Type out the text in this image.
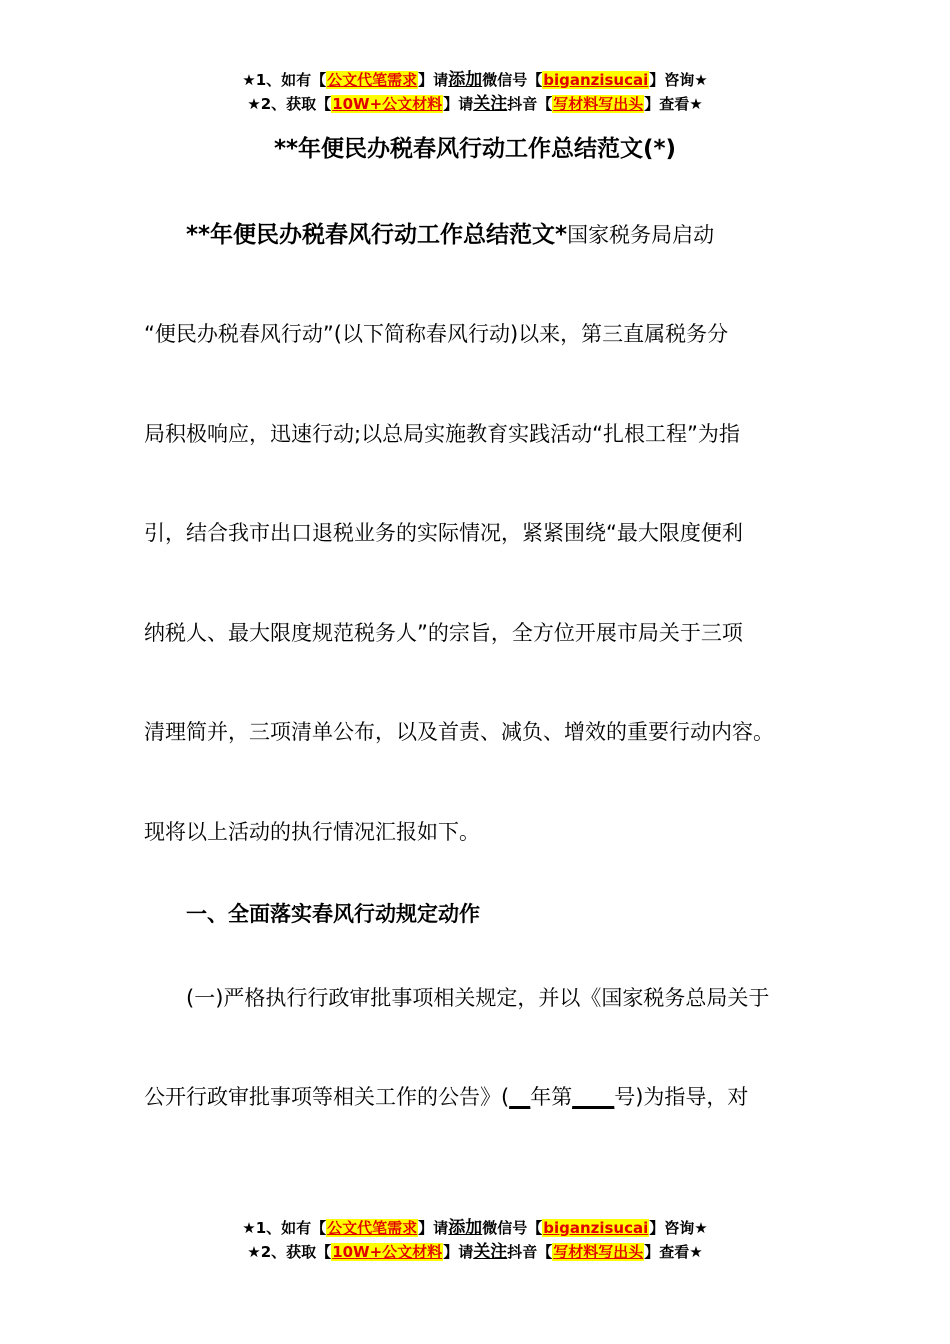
★1、如有【公文代笔需求】请添加微信号【biganzisucai】咨询★
★2、获取【10W+公文材料】请关注抖音【写材料写出头】查看★
**年便民办税春风行动工作总结范文(*)
**年便民办税春风行动工作总结范文*国家税务局启动
“便民办税春风行动”(以下简称春风行动)以来，第三直属税务分
局积极响应，迅速行动;以总局实施教育实践活动“扎根工程”为指
引，结合我市出口退税业务的实际情况，紧紧围绕“最大限度便利
纳税人、最大限度规范税务人”的宗旨，全方位开展市局关于三项
清理简并，三项清单公布，以及首责、减负、增效的重要行动内容。
现将以上活动的执行情况汇报如下。
一、全面落实春风行动规定动作
(一)严格执行行政审批事项相关规定，并以《国家税务总局关于
公开行政审批事项等相关工作的公告》(__年第____号)为指导，对
★1、如有【公文代笔需求】请添加微信号【biganzisucai】咨询★
★2、获取【10W+公文材料】请关注抖音【写材料写出头】查看★
